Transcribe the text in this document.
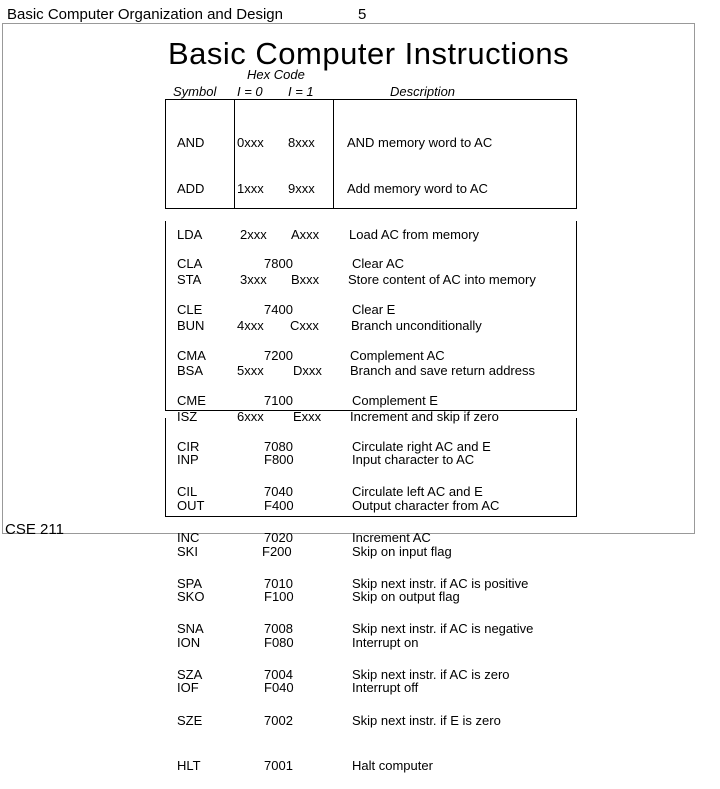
Basic Computer Organization and Design	5
Basic Computer Instructions
Hex Code
Symbol I = 0 I = 1	Description

AND

ADD

LDA

STA

BUN

BSA

ISZ

0xxx

1xxx

2xxx

3xxx

4xxx

5xxx

6xxx

8xxx

9xxx

Axxx

Bxxx

Cxxx

Dxxx

Exxx

AND memory word to AC

Add memory word to AC

Load AC from memory

Store content of AC into memory

Branch unconditionally

Branch and save return address

Increment and skip if zero

CLA

CLE

CMA

CME

CIR

CIL

INC

SPA

SNA

SZA

SZE

HLT

7800

7400

7200

7100

7080

7040

7020

7010

7008

7004

7002

7001

Clear AC

Clear E

Complement AC

Complement E

Circulate right AC and E

Circulate left AC and E

Increment AC

Skip next instr. if AC is positive

Skip next instr. if AC is negative

Skip next instr. if AC is zero

Skip next instr. if E is zero

Halt computer

INP

OUT

SKI

SKO

ION

IOF

F800

F400

F200

F100

F080

F040

Input character to AC

Output character from AC

Skip on input flag

Skip on output flag

Interrupt on

Interrupt off

CSE 211
